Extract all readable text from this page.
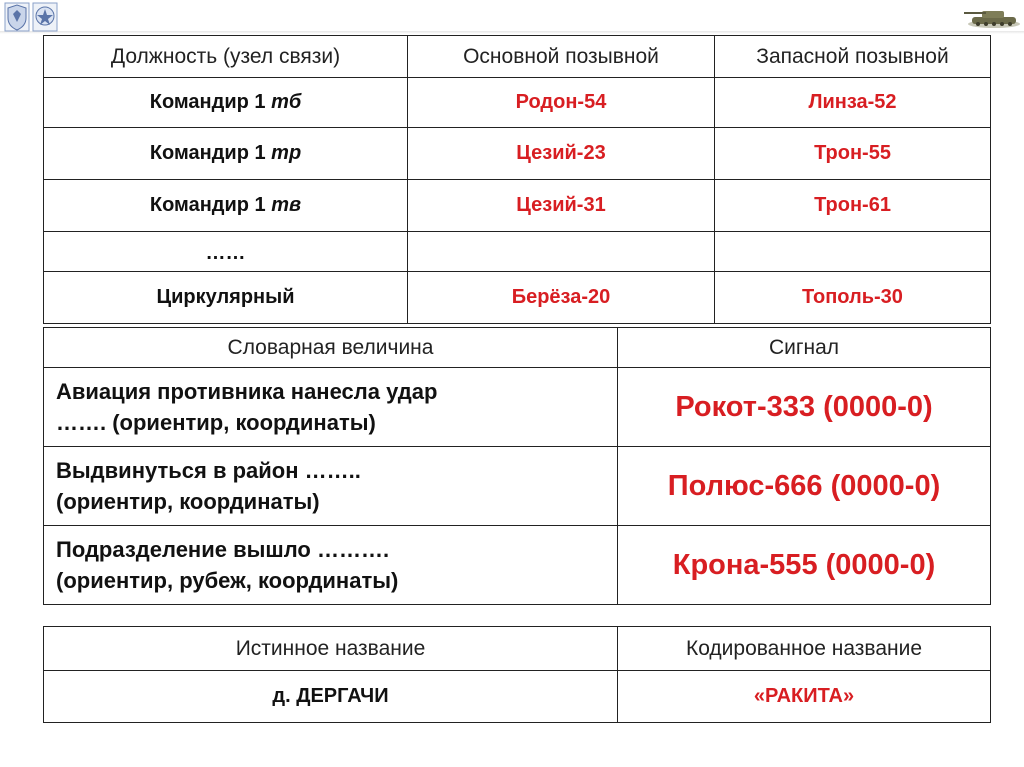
Должность (узел связи)	Основной позывной	Запасной позывной
Командир 1 тб	Родон-54	Линза-52
Командир 1 тр	Цезий-23	Трон-55
Командир 1 тв	Цезий-31	Трон-61
……		
Циркулярный	Берёза-20	Тополь-30
Словарная величина	Сигнал

Авиация противника нанесла удар
……. (ориентир, координаты)	Рокот-333 (0000-0)

Выдвинуться в район ……..
(ориентир, координаты)	Полюс-666 (0000-0)

Подразделение вышло ……….
(ориентир, рубеж, координаты)	Крона-555 (0000-0)
Истинное название	Кодированное название
д. ДЕРГАЧИ	«РАКИТА»
